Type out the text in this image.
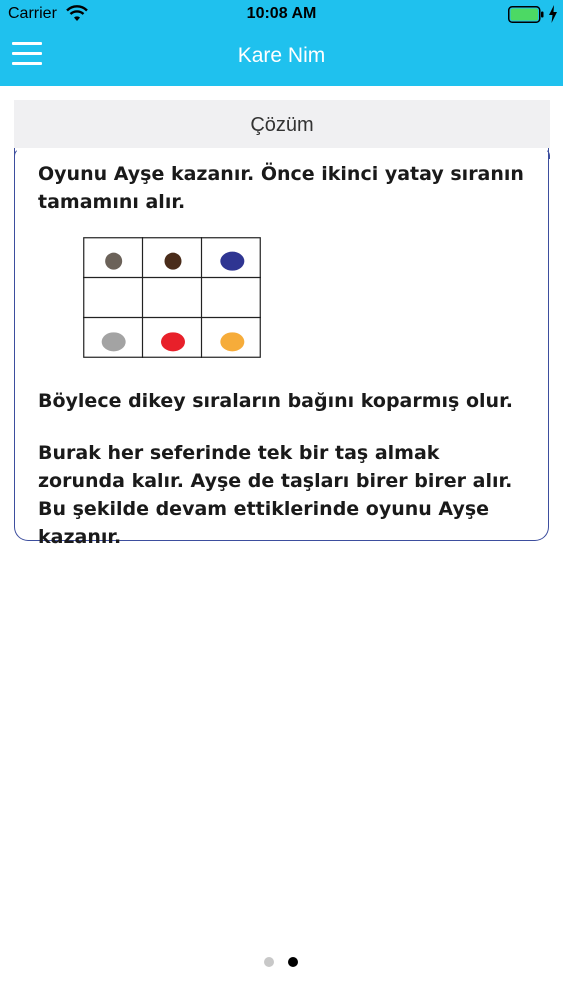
Carrier	10:08 AM
Kare Nim
Çözüm
Oyunu Ayşe kazanır. Önce ikinci yatay sıranın tamamını alır.
Böylece dikey sıraların bağını koparmış olur.
Burak her seferinde tek bir taş almak zorunda kalır. Ayşe de taşları birer birer alır. Bu şekilde devam ettiklerinde oyunu Ayşe kazanır.
